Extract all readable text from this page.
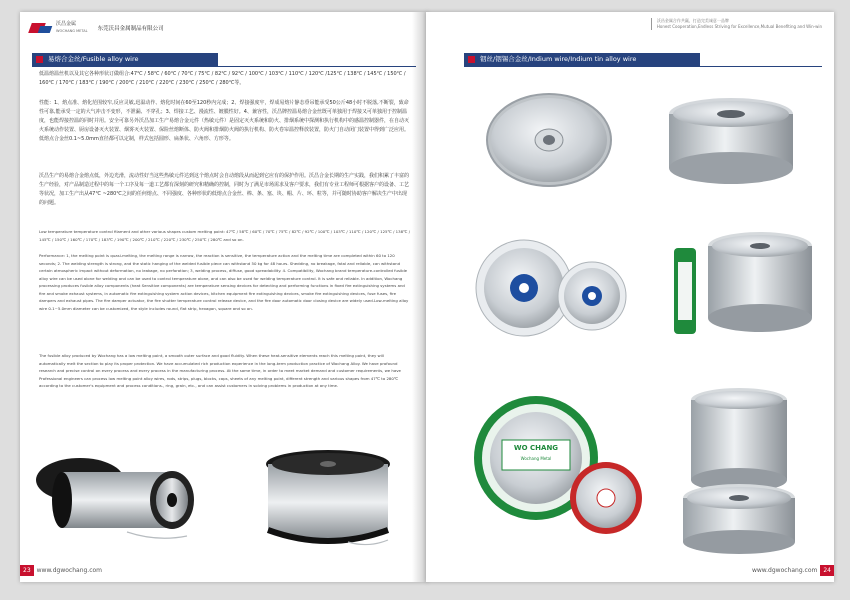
沃昌金属
WOCHANG METAL 东莞沃昌金属制品有限公司
易熔合金丝/Fusible alloy wire
低温熔温丝机以及其它各种形状订做组合:47℃ / 58℃ / 60℃ / 70℃ / 75℃ / 82℃ / 92℃ / 100℃ / 103℃ / 110℃ / 120℃ /125℃ / 138℃ / 145℃ / 150℃ / 160℃ / 170℃ / 183℃ / 190℃ / 200℃ / 210℃ / 220℃ / 230℃ / 250℃ / 280℃等。
性能：1、熔点准、熔化范围较窄,反应灵敏,迅温动作、熔化时间在60至120秒内完成；2、焊接强度牢，焊成易熔片静态垂吊能承受50公斤48小时不脱落,不断裂，致命性可靠,能承受一定的大气冲击不变形，不泄漏、不穿孔；3、焊接工艺、漫流性、镀膜性好。4、兼容性，沃昌牌控温易熔合金丝既可单独用于焊接又可单独用于控制温度，也能焊接控温的同时并用。安全可靠另外沃昌加工生产易熔合金元件（热敏元件）是固定灭火系统和防火、排烟系统中探测和执行机构中的感温控制器件，在自动灭火系统动作装置、厨房设备灭火装置、烟雾灭火装置、保险丝熔断体、防火阀和排烟防火阀的执行机构、防火卷帘温控释放装置，防火门自动闭门装置中得到广泛应用。低熔点合金丝0.1~5.0mm直径都可以定制，样式包括圆形、扁条状、六角形、方形等。
沃昌生产的易熔合金熔点低，外边光滑，流动性好当这些热敏元件达到这个熔点时会自动熔段从而起到它应有的保护作用。沃昌合金长期的生产实践，我们积累了丰富的生产经验，对产品制造过程中的每一个工序及每一道工艺都有深刻的研究和精确的控制，同时为了满足市场需求及客户要求，我们有专业工程师可根据客户的设备、工艺等状况，加工生产出从47℃ ~280℃之间的任何熔点、不同强度、各种形状的低熔点合金丝、棒、条、塞、块、帽、片、环、粒等，并可随时协助客户解决生产中出现的问题。
Low temperature temperature control filament and other various shapes custom melting point: 47℃ / 58℃ / 60℃ / 70℃ / 75℃ / 82℃ / 92℃ / 100℃ / 103℃ / 110℃ / 120℃ / 125℃ / 138℃ / 145℃ / 150℃ / 160℃ / 170℃ / 183℃ / 190℃ / 200℃ / 210℃ / 220℃ / 230℃ / 250℃ / 280℃ and so on.
Performance: 1, the melting point is quasi-melting, the melting range is narrow, the reaction is sensitive, the temperature action and the melting time are completed within 60 to 120 seconds; 2. The welding strength is strong, and the static hanging of the welded fusible piece can withstand 50 kg for 48 hours. Shedding, no breakage, fatal and reliable, can withstand certain atmospheric impact without deformation, no leakage, no perforation; 3, welding process, diffuse, good spreadability. 4. Compatibility, Wochang brand temperature-controlled fusible alloy wire can be used alone for welding and can be used to control temperature alone, and can also be used for welding temperature control. It is safe and reliable. In addition, Wochang processing produces fusible alloy components (heat Sensitive components) are temperature sensing devices for detecting and performing functions in fixed fire extinguishing systems and fire and smoke exhaust systems, in automatic fire extinguishing system action devices, kitchen equipment fire extinguishing devices, smoke fire extinguishing devices, fuse fuses, fire dampers and exhaust pipes. The fire damper actuator, the fire shutter temperature control release device, and the fire door automatic door closing device are widely used.Low-melting alloy wire 0.1~5.0mm diameter can be customized, the style includes round, flat strip, hexagon, square and so on.
The fusible alloy produced by Wochang has a low melting point, a smooth outer surface and good fluidity. When these heat-sensitive elements reach this melting point, they will automatically melt the section to play its proper protection. We have accumulated rich production experience in the long-term production practice of Wochang Alloy. We have profound research and precise control on every process and every process in the manufacturing process. At the same time, in order to meet market demand and customer requirements, we have Professional engineers can process low melting point alloy wires, rods, strips, plugs, blocks, caps, sheets of any melting point, different strength and various shapes from 47℃ to 280℃ according to the customer's equipment and process conditions., ring, grain, etc., and can assist customers in solving problems in production at any time.
23	www.dgwochang.com
沃昌金属合作共赢，打造完美诚意一品牌
Honest Cooperation,Endless Striving for Excellence,Mutual Benefiting and Win-win
铟丝/铟锡合金丝/Indium wire/Indium tin alloy wire
WO CHANG
Wochang Metal
www.dgwochang.com	24
